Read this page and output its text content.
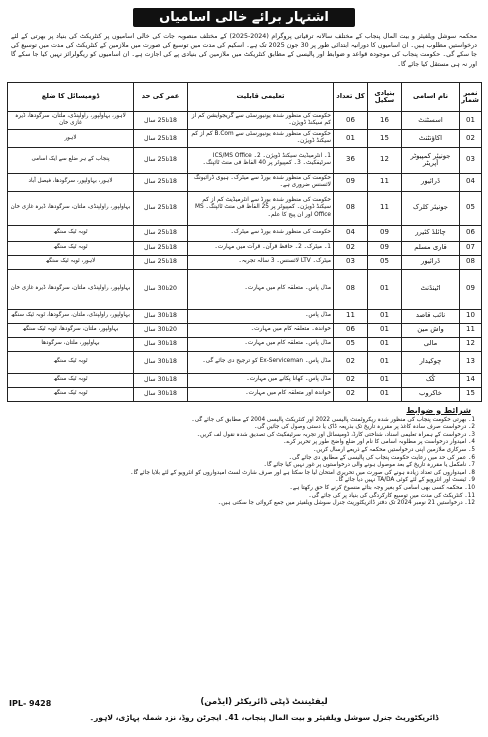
اشتہار برائے خالی اسامیاں
محکمہ سوشل ویلفیئر و بیت المال پنجاب کے مختلف سالانہ ترقیاتی پروگرام (2024-2025) کے مختلف منصوبہ جات کی خالی اسامیوں پر کنٹریکٹ کی بنیاد پر بھرتی کے لئے درخواستیں مطلوب ہیں۔ ان اسامیوں کا دورانیہ ابتدائی طور پر 30 جون 2025 تک ہے۔ اسکیم کی مدت میں توسیع کی صورت میں ملازمین کے کنٹریکٹ کی مدت میں توسیع کی جا سکے گی۔ حکومت پنجاب کی موجودہ قواعد و ضوابط اور پالیسی کے مطابق کنٹریکٹ میں ملازمین کی بنیادی پے کی اجازت ہے۔ ان اسامیوں کو ریگولرائز نہیں کیا جا سکے گا اور نہ ہی مستقل کیا جائے گا۔
نمبر شمار	نام اسامی	بنیادی سکیل	کل تعداد	تعلیمی قابلیت	عمر کی حد	ڈومیسائل کا ضلع
01	اسسٹنٹ	16	06	حکومت کی منظور شدہ یونیورسٹی سے گریجوایشن کم از کم سیکنڈ ڈویژن۔	18تا25 سال	لاہور، بہاولپور، راولپنڈی، ملتان، سرگودھا، ڈیرہ غازی خان
02	اکاؤنٹنٹ	15	01	حکومت کی منظور شدہ یونیورسٹی سے B.Com کم از کم سیکنڈ ڈویژن۔	18تا25 سال	لاہور
03	جونیئر کمپیوٹر آپریٹر	12	36	1۔ انٹرمیڈیٹ سیکنڈ ڈویژن۔ 2۔ ICS/MS Office سرٹیفکیٹ۔ 3۔ کمپیوٹر پر 40 الفاظ فی منٹ ٹائپنگ۔	18تا25 سال	پنجاب کے ہر ضلع سے ایک اسامی
04	ڈرائیور	11	09	حکومت کی منظور شدہ بورڈ سے میٹرک۔ ہیوی ڈرائیونگ لائسنس ضروری ہے۔	18تا25 سال	لاہور، بہاولپور، سرگودھا، فیصل آباد
05	جونیئر کلرک	11	08	حکومت کی منظور شدہ بورڈ سے انٹرمیڈیٹ کم از کم سیکنڈ ڈویژن۔ کمپیوٹر پر 25 الفاظ فی منٹ ٹائپنگ۔ MS Office اور ان پیج کا علم۔	18تا25 سال	بہاولپور، راولپنڈی، ملتان، سرگودھا، ڈیرہ غازی خان
06	چائلڈ کئیرر	09	04	حکومت کی منظور شدہ بورڈ سے میٹرک۔	18تا25 سال	ٹوبہ ٹیک سنگھ
07	قاری مسلم	09	02	1۔ میٹرک۔ 2۔ حافظ قرآن۔ قرآت میں مہارت۔	18تا25 سال	ٹوبہ ٹیک سنگھ
08	ڈرائیور	05	03	میٹرک۔ LTV لائسنس۔ 3 سالہ تجربہ۔	18تا25 سال	لاہور، ٹوبہ ٹیک سنگھ
09	اٹینڈنٹ	01	08	مڈل پاس۔ متعلقہ کام میں مہارت۔	20تا30 سال	بہاولپور، راولپنڈی، ملتان، سرگودھا، ڈیرہ غازی خان
10	نائب قاصد	01	11	مڈل پاس۔	18تا30 سال	بہاولپور، راولپنڈی، ملتان، سرگودھا، ٹوبہ ٹیک سنگھ
11	واش مین	01	06	خواندہ۔ متعلقہ کام میں مہارت۔	20تا30 سال	بہاولپور، ملتان، سرگودھا، ٹوبہ ٹیک سنگھ
12	مالی	01	05	مڈل پاس۔ متعلقہ کام میں مہارت۔	18تا30 سال	بہاولپور، ملتان، سرگودھا
13	چوکیدار	01	02	مڈل پاس۔ Ex-Serviceman کو ترجیح دی جائے گی۔	18تا30 سال	ٹوبہ ٹیک سنگھ
14	کُک	01	02	مڈل پاس۔ کھانا پکانے میں مہارت۔	18تا30 سال	ٹوبہ ٹیک سنگھ
15	خاکروب	01	02	خواندہ اور متعلقہ کام میں مہارت۔	18تا30 سال	ٹوبہ ٹیک سنگھ
شرائط و ضوابط
1۔ بھرتی حکومت پنجاب کی منظور شدہ ریکروٹمنٹ پالیسی 2022 اور کنٹریکٹ پالیسی 2004 کے مطابق کی جائے گی۔
2۔ درخواست صرف سادہ کاغذ پر مقررہ تاریخ تک بذریعہ ڈاک یا دستی وصول کی جائیں گی۔
3۔ درخواست کے ہمراہ تعلیمی اسناد، شناختی کارڈ، ڈومیسائل اور تجربہ سرٹیفکیٹ کی تصدیق شدہ نقول لف کریں۔
4۔ امیدوار درخواست پر مطلوبہ اسامی کا نام اور ضلع واضح طور پر تحریر کرے۔
5۔ سرکاری ملازمین اپنی درخواستیں محکمہ کے ذریعے ارسال کریں۔
6۔ عمر کی حد میں رعایت حکومت پنجاب کی پالیسی کے مطابق دی جائے گی۔
7۔ نامکمل یا مقررہ تاریخ کے بعد موصول ہونے والی درخواستوں پر غور نہیں کیا جائے گا۔
8۔ امیدواروں کی تعداد زیادہ ہونے کی صورت میں تحریری امتحان لیا جا سکتا ہے اور صرف شارٹ لسٹ امیدواروں کو انٹرویو کے لئے بلایا جائے گا۔
9۔ ٹیسٹ اور انٹرویو کے لئے کوئی TA/DA نہیں دیا جائے گا۔
10۔ محکمہ کسی بھی اسامی کو بغیر وجہ بتائے منسوخ کرنے کا حق رکھتا ہے۔
11۔ کنٹریکٹ کی مدت میں توسیع کارکردگی کی بنیاد پر کی جائے گی۔
12۔ درخواستیں 21 نومبر 2024 تک دفتر ڈائریکٹوریٹ جنرل سوشل ویلفیئر میں جمع کروائی جا سکتی ہیں۔
IPL- 9428	لیفٹیننٹ ڈپٹی ڈائریکٹر (ایڈمن)
ڈائریکٹوریٹ جنرل سوشل ویلفیئر و بیت المال پنجاب، 41۔ ایجرٹن روڈ، نزد شملہ پہاڑی، لاہور۔
